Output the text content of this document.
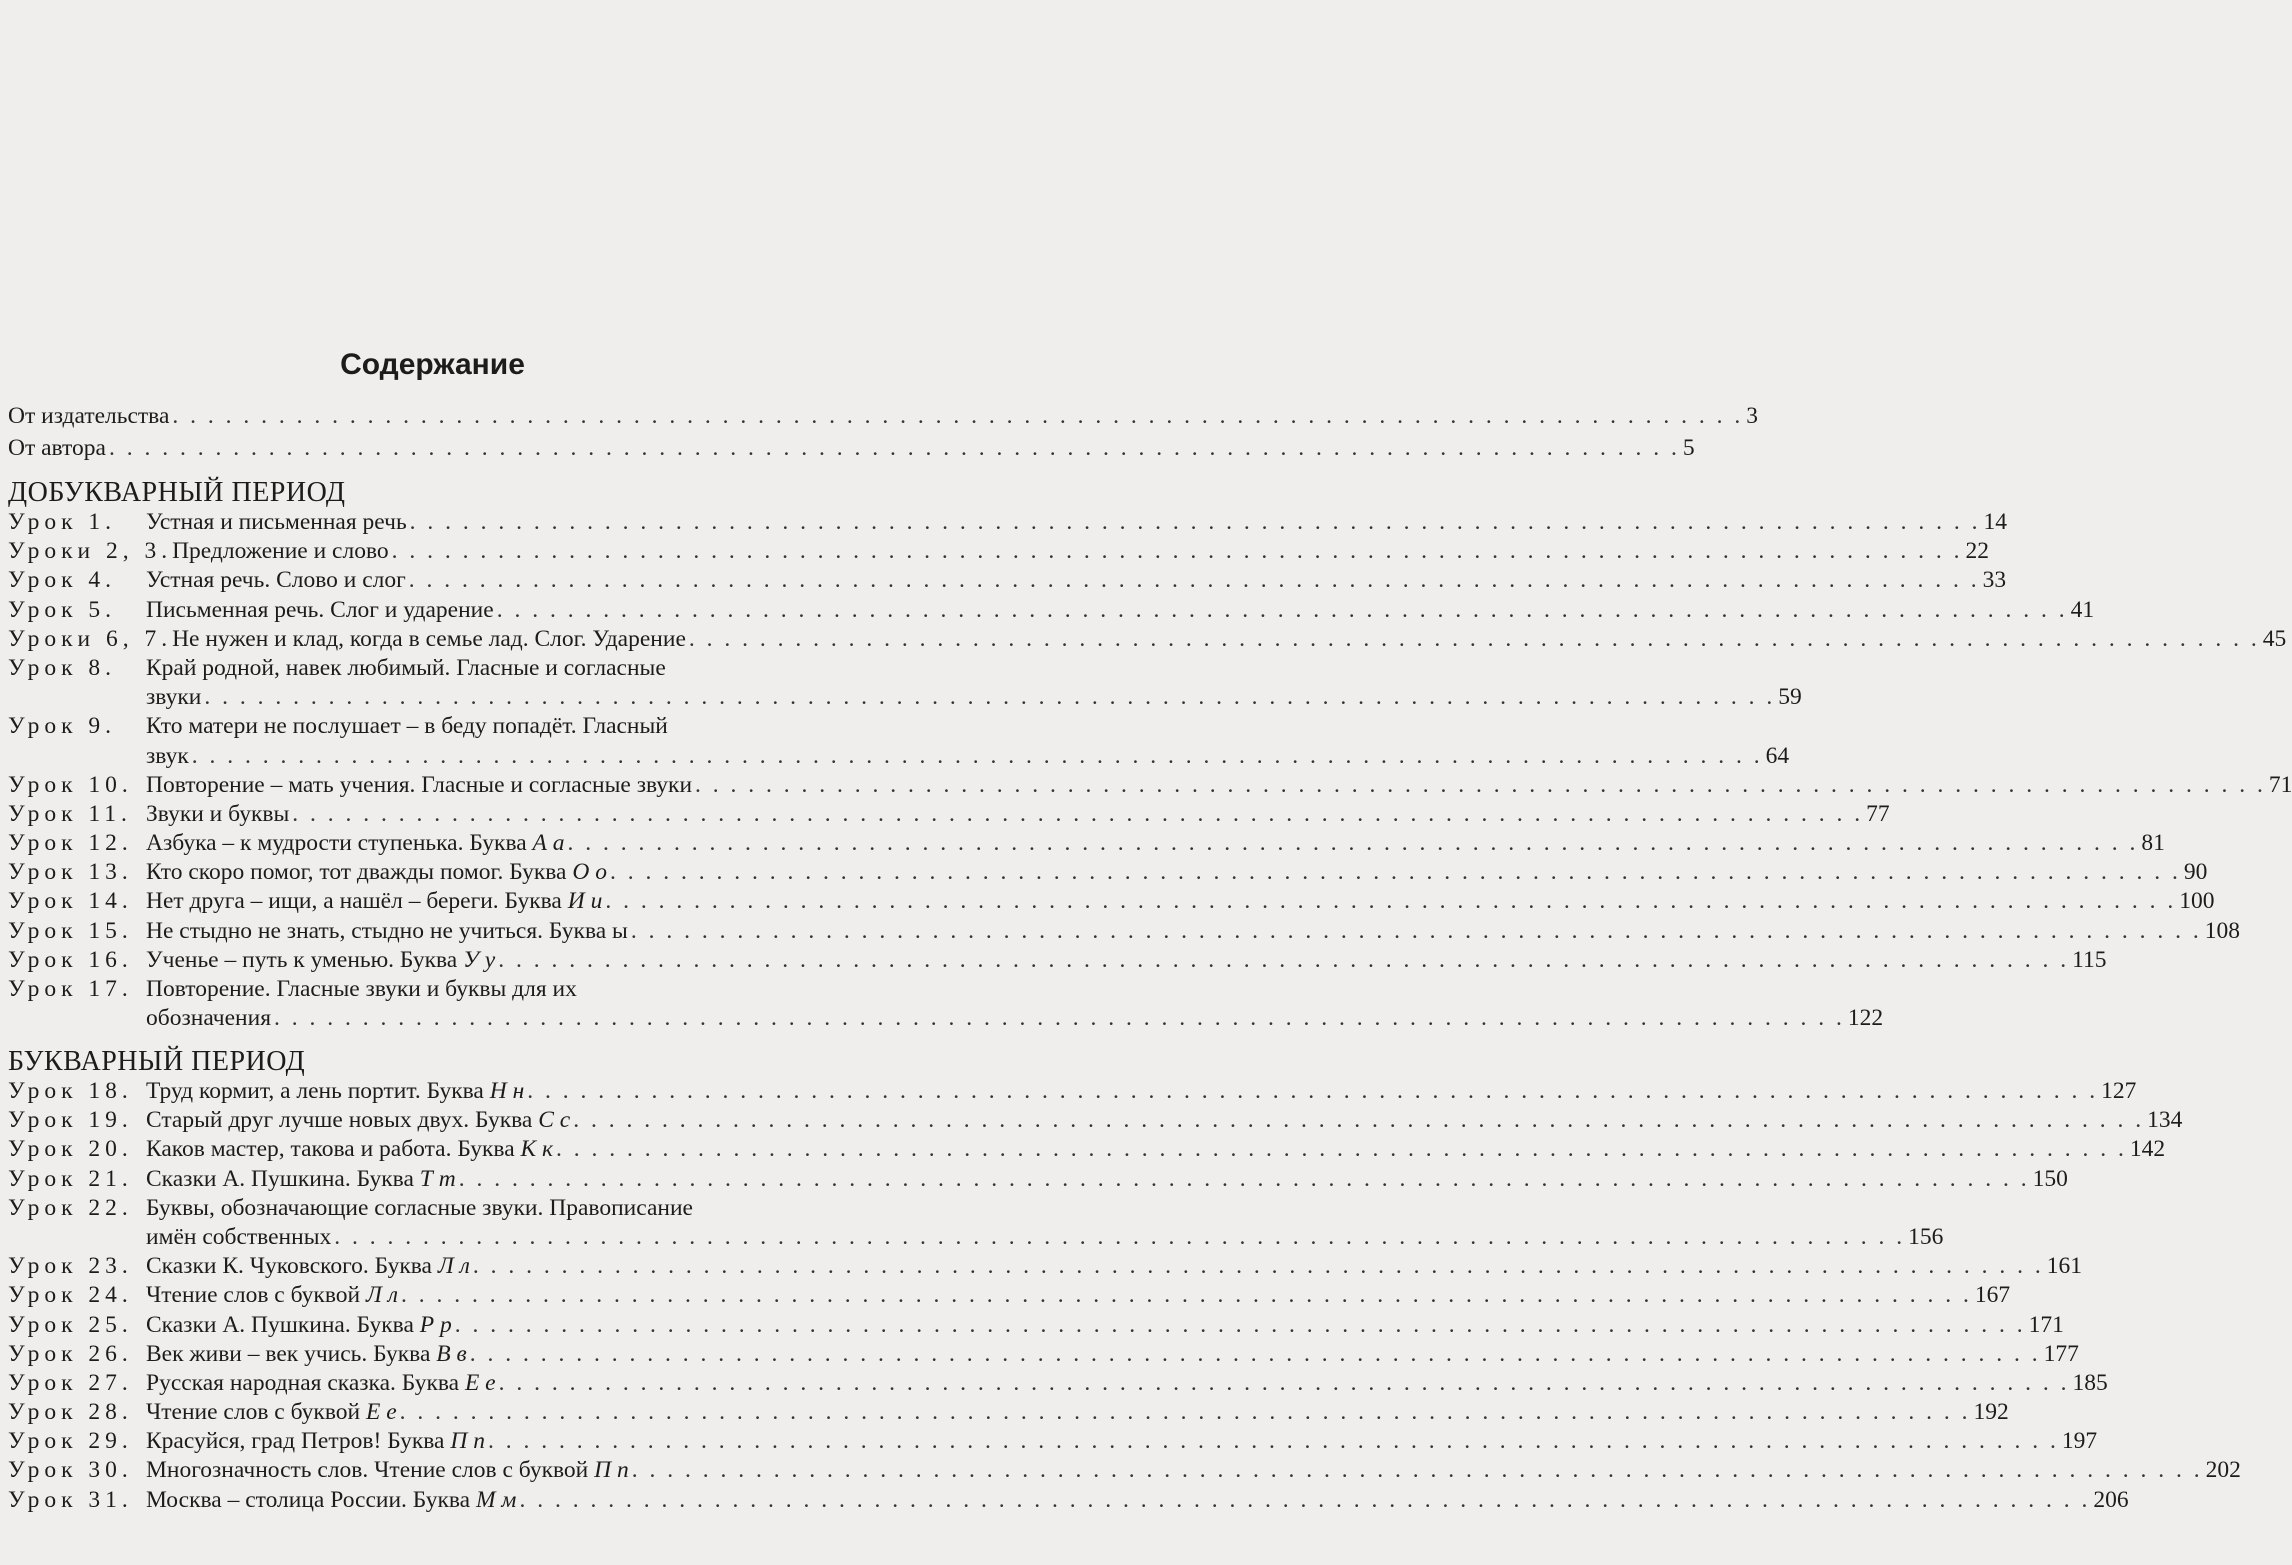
Содержание
От издательства . . . . . . . . . . . . . . . . . . . . . . . . . . . . . . . . . . . . . . . . . . . . . . . . . . . . . . . . . . . . . . . . . . . . . . . . . . . . . . . . . . . . . . . . . 3
От автора . . . . . . . . . . . . . . . . . . . . . . . . . . . . . . . . . . . . . . . . . . . . . . . . . . . . . . . . . . . . . . . . . . . . . . . . . . . . . . . . . . . . . . . . . 5
ДОБУКВАРНЫЙ ПЕРИОД
Урок 1.	Устная и письменная речь . . . . . . . . . . . . . . . . . . . . . . . . . . . . . . . . . . . . . . . . . . . . . . . . . . . . . . . . . . . . . . . . . . . . . . . . . . . . . . . . . . . . . . . . . 14
Уроки 2, 3. Предложение и слово . . . . . . . . . . . . . . . . . . . . . . . . . . . . . . . . . . . . . . . . . . . . . . . . . . . . . . . . . . . . . . . . . . . . . . . . . . . . . . . . . . . . . . . . . 22
Урок 4.	Устная речь. Слово и слог . . . . . . . . . . . . . . . . . . . . . . . . . . . . . . . . . . . . . . . . . . . . . . . . . . . . . . . . . . . . . . . . . . . . . . . . . . . . . . . . . . . . . . . . . 33
Урок 5.	Письменная речь. Слог и ударение . . . . . . . . . . . . . . . . . . . . . . . . . . . . . . . . . . . . . . . . . . . . . . . . . . . . . . . . . . . . . . . . . . . . . . . . . . . . . . . . . . . . . . . . . 41
Уроки 6, 7. Не нужен и клад, когда в семье лад. Слог. Ударение . . . . . . . . . . . . . . . . . . . . . . . . . . . . . . . . . . . . . . . . . . . . . . . . . . . . . . . . . . . . . . . . . . . . . . . . . . . . . . . . . . . . . . . . . 45
Урок 8.	Край родной, навек любимый. Гласные и согласные
звуки . . . . . . . . . . . . . . . . . . . . . . . . . . . . . . . . . . . . . . . . . . . . . . . . . . . . . . . . . . . . . . . . . . . . . . . . . . . . . . . . . . . . . . . . . 59
Урок 9.	Кто матери не послушает – в беду попадёт. Гласный
звук . . . . . . . . . . . . . . . . . . . . . . . . . . . . . . . . . . . . . . . . . . . . . . . . . . . . . . . . . . . . . . . . . . . . . . . . . . . . . . . . . . . . . . . . . 64
Урок 10. Повторение – мать учения. Гласные и согласные звуки . . . . . . . . . . . . . . . . . . . . . . . . . . . . . . . . . . . . . . . . . . . . . . . . . . . . . . . . . . . . . . . . . . . . . . . . . . . . . . . . . . . . . . . . . 71
Урок 11. Звуки и буквы . . . . . . . . . . . . . . . . . . . . . . . . . . . . . . . . . . . . . . . . . . . . . . . . . . . . . . . . . . . . . . . . . . . . . . . . . . . . . . . . . . . . . . . . . 77
Урок 12. Азбука – к мудрости ступенька. Буква А а . . . . . . . . . . . . . . . . . . . . . . . . . . . . . . . . . . . . . . . . . . . . . . . . . . . . . . . . . . . . . . . . . . . . . . . . . . . . . . . . . . . . . . . . . 81
Урок 13. Кто скоро помог, тот дважды помог. Буква О о . . . . . . . . . . . . . . . . . . . . . . . . . . . . . . . . . . . . . . . . . . . . . . . . . . . . . . . . . . . . . . . . . . . . . . . . . . . . . . . . . . . . . . . . . 90
Урок 14. Нет друга – ищи, а нашёл – береги. Буква И и . . . . . . . . . . . . . . . . . . . . . . . . . . . . . . . . . . . . . . . . . . . . . . . . . . . . . . . . . . . . . . . . . . . . . . . . . . . . . . . . . . . . . . . . . 100
Урок 15. Не стыдно не знать, стыдно не учиться. Буква ы . . . . . . . . . . . . . . . . . . . . . . . . . . . . . . . . . . . . . . . . . . . . . . . . . . . . . . . . . . . . . . . . . . . . . . . . . . . . . . . . . . . . . . . . . 108
Урок 16. Ученье – путь к уменью. Буква У у . . . . . . . . . . . . . . . . . . . . . . . . . . . . . . . . . . . . . . . . . . . . . . . . . . . . . . . . . . . . . . . . . . . . . . . . . . . . . . . . . . . . . . . . . 115
Урок 17. Повторение. Гласные звуки и буквы для их
обозначения . . . . . . . . . . . . . . . . . . . . . . . . . . . . . . . . . . . . . . . . . . . . . . . . . . . . . . . . . . . . . . . . . . . . . . . . . . . . . . . . . . . . . . . . . 122
БУКВАРНЫЙ ПЕРИОД
Урок 18. Труд кормит, а лень портит. Буква Н н . . . . . . . . . . . . . . . . . . . . . . . . . . . . . . . . . . . . . . . . . . . . . . . . . . . . . . . . . . . . . . . . . . . . . . . . . . . . . . . . . . . . . . . . . 127
Урок 19. Старый друг лучше новых двух. Буква С с . . . . . . . . . . . . . . . . . . . . . . . . . . . . . . . . . . . . . . . . . . . . . . . . . . . . . . . . . . . . . . . . . . . . . . . . . . . . . . . . . . . . . . . . . 134
Урок 20. Каков мастер, такова и работа. Буква К к . . . . . . . . . . . . . . . . . . . . . . . . . . . . . . . . . . . . . . . . . . . . . . . . . . . . . . . . . . . . . . . . . . . . . . . . . . . . . . . . . . . . . . . . . 142
Урок 21. Сказки А. Пушкина. Буква Т т . . . . . . . . . . . . . . . . . . . . . . . . . . . . . . . . . . . . . . . . . . . . . . . . . . . . . . . . . . . . . . . . . . . . . . . . . . . . . . . . . . . . . . . . . 150
Урок 22. Буквы, обозначающие согласные звуки. Правописание
имён собственных . . . . . . . . . . . . . . . . . . . . . . . . . . . . . . . . . . . . . . . . . . . . . . . . . . . . . . . . . . . . . . . . . . . . . . . . . . . . . . . . . . . . . . . . . 156
Урок 23. Сказки К. Чуковского. Буква Л л . . . . . . . . . . . . . . . . . . . . . . . . . . . . . . . . . . . . . . . . . . . . . . . . . . . . . . . . . . . . . . . . . . . . . . . . . . . . . . . . . . . . . . . . . 161
Урок 24. Чтение слов с буквой Л л . . . . . . . . . . . . . . . . . . . . . . . . . . . . . . . . . . . . . . . . . . . . . . . . . . . . . . . . . . . . . . . . . . . . . . . . . . . . . . . . . . . . . . . . . 167
Урок 25. Сказки А. Пушкина. Буква Р р . . . . . . . . . . . . . . . . . . . . . . . . . . . . . . . . . . . . . . . . . . . . . . . . . . . . . . . . . . . . . . . . . . . . . . . . . . . . . . . . . . . . . . . . . 171
Урок 26. Век живи – век учись. Буква В в . . . . . . . . . . . . . . . . . . . . . . . . . . . . . . . . . . . . . . . . . . . . . . . . . . . . . . . . . . . . . . . . . . . . . . . . . . . . . . . . . . . . . . . . . 177
Урок 27. Русская народная сказка. Буква Е е . . . . . . . . . . . . . . . . . . . . . . . . . . . . . . . . . . . . . . . . . . . . . . . . . . . . . . . . . . . . . . . . . . . . . . . . . . . . . . . . . . . . . . . . . 185
Урок 28. Чтение слов с буквой Е е . . . . . . . . . . . . . . . . . . . . . . . . . . . . . . . . . . . . . . . . . . . . . . . . . . . . . . . . . . . . . . . . . . . . . . . . . . . . . . . . . . . . . . . . . 192
Урок 29. Красуйся, град Петров! Буква П п . . . . . . . . . . . . . . . . . . . . . . . . . . . . . . . . . . . . . . . . . . . . . . . . . . . . . . . . . . . . . . . . . . . . . . . . . . . . . . . . . . . . . . . . . 197
Урок 30. Многозначность слов. Чтение слов с буквой П п . . . . . . . . . . . . . . . . . . . . . . . . . . . . . . . . . . . . . . . . . . . . . . . . . . . . . . . . . . . . . . . . . . . . . . . . . . . . . . . . . . . . . . . . . 202
Урок 31. Москва – столица России. Буква М м . . . . . . . . . . . . . . . . . . . . . . . . . . . . . . . . . . . . . . . . . . . . . . . . . . . . . . . . . . . . . . . . . . . . . . . . . . . . . . . . . . . . . . . . . 206
